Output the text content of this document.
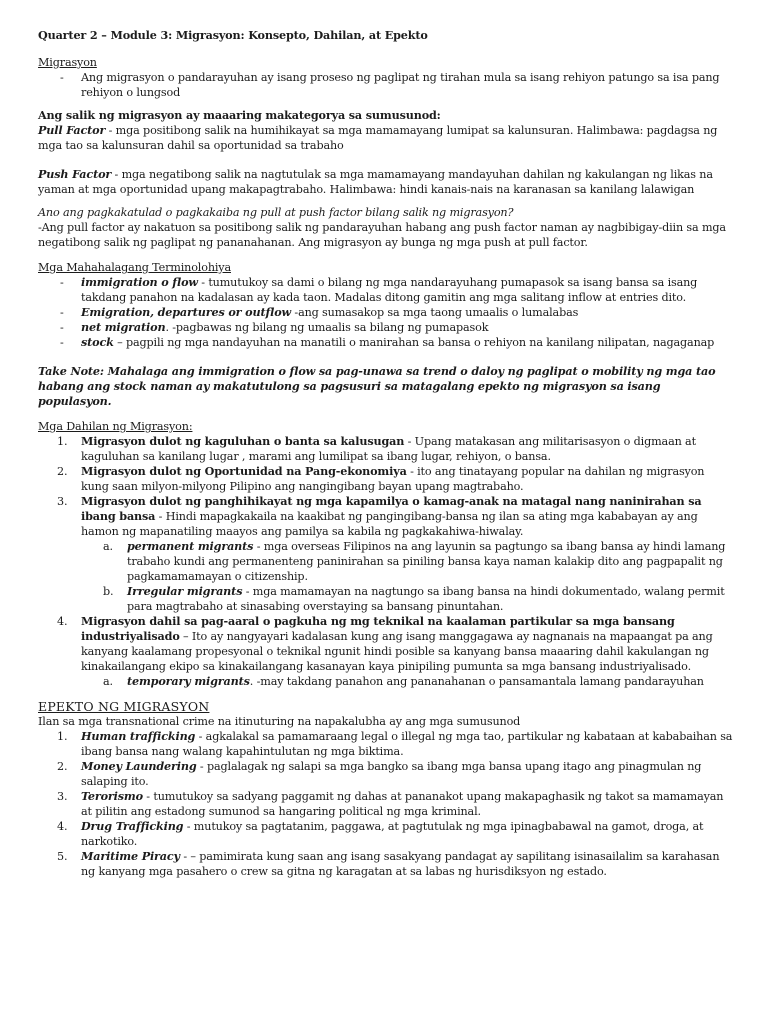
Quarter 2 – Module 3: Migrasyon: Konsepto, Dahilan, at Epekto

Migrasyon

- Ang migrasyon o pandarayuhan ay isang proseso ng paglipat ng tirahan mula sa isang rehiyon patungo sa isa pang rehiyon o lungsod

Ang salik ng migrasyon ay maaaring makategorya sa sumusunod:

Pull Factor - mga positibong salik na humihikayat sa mga mamamayang lumipat sa kalunsuran. Halimbawa: pagdagsa ng mga tao sa kalunsuran dahil sa oportunidad sa trabaho

Push Factor - mga negatibong salik na nagtutulak sa mga mamamayang mandayuhan dahilan ng kakulangan ng likas na yaman at mga oportunidad upang makapagtrabaho. Halimbawa: hindi kanais-nais na karanasan sa kanilang lalawigan

Ano ang pagkakatulad o pagkakaiba ng pull at push factor bilang salik ng migrasyon?

-Ang pull factor ay nakatuon sa positibong salik ng pandarayuhan habang ang push factor naman ay nagbibigay-diin sa mga negatibong salik ng paglipat ng pananahanan. Ang migrasyon ay bunga ng mga push at pull factor.

Mga Mahahalagang Terminolohiya

- immigration o flow - tumutukoy sa dami o bilang ng mga nandarayuhang pumapasok sa isang bansa sa isang takdang panahon na kadalasan ay kada taon. Madalas ditong gamitin ang mga salitang inflow at entries dito.
- Emigration, departures or outflow -ang sumasakop sa mga taong umaalis o lumalabas
- net migration. -pagbawas ng bilang ng umaalis sa bilang ng pumapasok
- stock – pagpili ng mga nandayuhan na manatili o manirahan sa bansa o rehiyon na kanilang nilipatan, nagaganap

Take Note: Mahalaga ang immigration o flow sa pag-unawa sa trend o daloy ng paglipat o mobility ng mga tao habang ang stock naman ay makatutulong sa pagsusuri sa matagalang epekto ng migrasyon sa isang populasyon.

Mga Dahilan ng Migrasyon:

1. Migrasyon dulot ng kaguluhan o banta sa kalusugan - Upang matakasan ang militarisasyon o digmaan at kaguluhan sa kanilang lugar , marami ang lumilipat sa ibang lugar, rehiyon, o bansa.
2. Migrasyon dulot ng Oportunidad na Pang-ekonomiya - ito ang tinatayang popular na dahilan ng migrasyon kung saan milyon-milyong Pilipino ang nangingibang bayan upang magtrabaho.
3. Migrasyon dulot ng panghihikayat ng mga kapamilya o kamag-anak na matagal nang naninirahan sa ibang bansa - Hindi mapagkakaila na kaakibat ng pangingibang-bansa ng ilan sa ating mga kababayan ay ang hamon ng mapanatiling maayos ang pamilya sa kabila ng pagkakahiwa-hiwalay.
a. permanent migrants - mga overseas Filipinos na ang layunin sa pagtungo sa ibang bansa ay hindi lamang trabaho kundi ang permanenteng paninirahan sa piniling bansa kaya naman kalakip dito ang pagpapalit ng pagkamamamayan o citizenship.
b. Irregular migrants - mga mamamayan na nagtungo sa ibang bansa na hindi dokumentado, walang permit para magtrabaho at sinasabing overstaying sa bansang pinuntahan.
4. Migrasyon dahil sa pag-aaral o pagkuha ng mg teknikal na kaalaman partikular sa mga bansang industriyalisado – Ito ay nangyayari kadalasan kung ang isang manggagawa ay nagnanais na mapaangat pa ang kanyang kaalamang propesyonal o teknikal ngunit hindi posible sa kanyang bansa maaaring dahil kakulangan ng kinakailangang ekipo sa kinakailangang kasanayan kaya pinipiling pumunta sa mga bansang industriyalisado.
a. temporary migrants. -may takdang panahon ang pananahanan o pansamantala lamang pandarayuhan

EPEKTO NG MIGRASYON

Ilan sa mga transnational crime na itinuturing na napakalubha ay ang mga sumusunod

1. Human trafficking - agkalakal sa pamamaraang legal o illegal ng mga tao, partikular ng kabataan at kababaihan sa ibang bansa nang walang kapahintulutan ng mga biktima.
2. Money Laundering - paglalagak ng salapi sa mga bangko sa ibang mga bansa upang itago ang pinagmulan ng salaping ito.
3. Terorismo - tumutukoy sa sadyang paggamit ng dahas at pananakot upang makapaghasik ng takot sa mamamayan at pilitin ang estadong sumunod sa hangaring political ng mga kriminal.
4. Drug Trafficking - mutukoy sa pagtatanim, paggawa, at pagtutulak ng mga ipinagbabawal na gamot, droga, at narkotiko.
5. Maritime Piracy - – pamimirata kung saan ang isang sasakyang pandagat ay sapilitang isinasailalim sa karahasan ng kanyang mga pasahero o crew sa gitna ng karagatan at sa labas ng hurisdiksyon ng estado.
